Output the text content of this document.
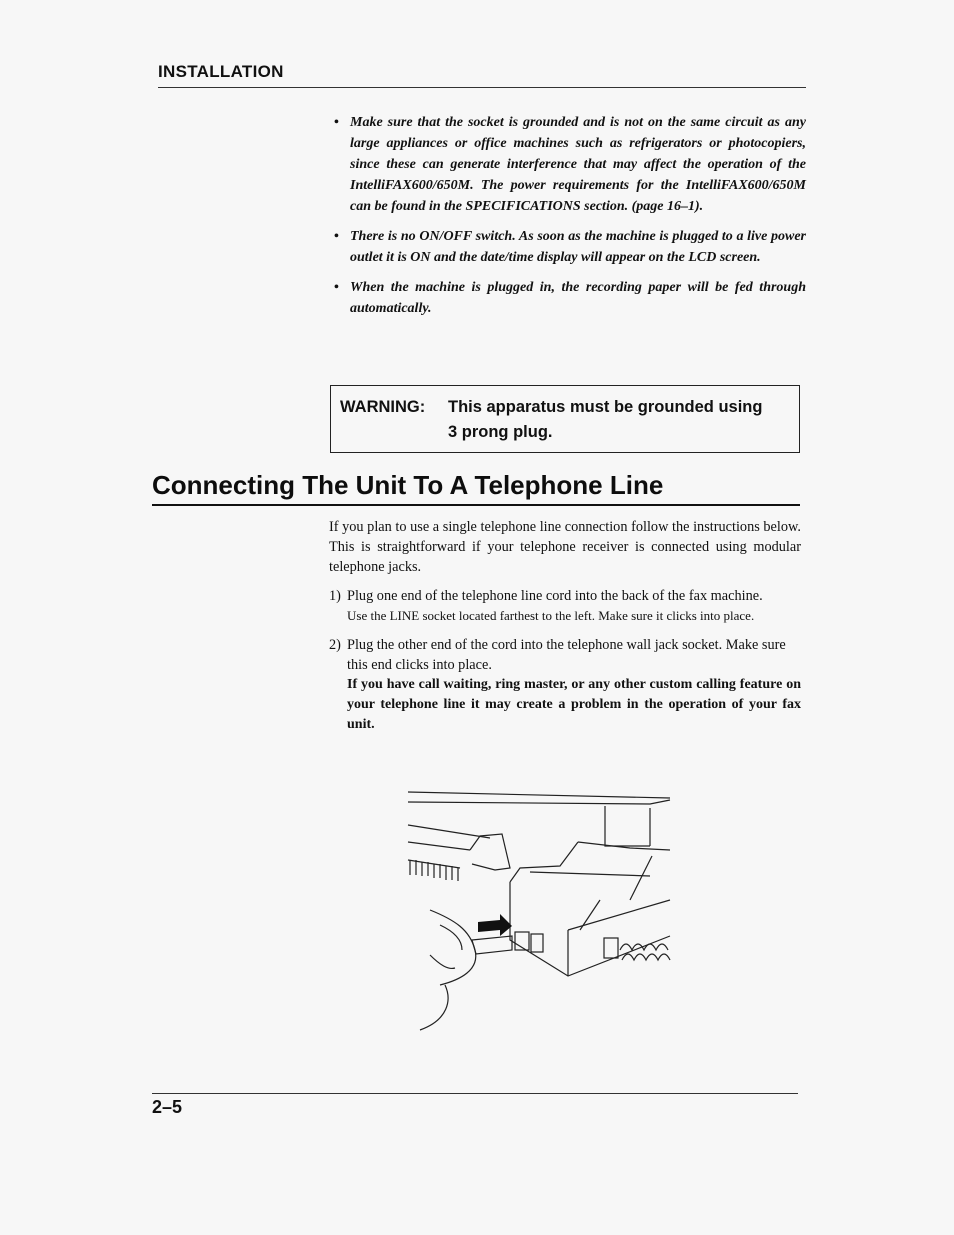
INSTALLATION
• Make sure that the socket is grounded and is not on the same circuit as any large appliances or office machines such as refrigerators or photocopiers, since these can generate interference that may affect the operation of the IntelliFAX600/650M. The power requirements for the IntelliFAX600/650M can be found in the SPECIFICATIONS section. (page 16–1).
• There is no ON/OFF switch. As soon as the machine is plugged to a live power outlet it is ON and the date/time display will appear on the LCD screen.
• When the machine is plugged in, the recording paper will be fed through automatically.
WARNING: This apparatus must be grounded using
3 prong plug.
Connecting The Unit To A Telephone Line

If you plan to use a single telephone line connection follow the instructions below. This is straightforward if your telephone receiver is connected using modular telephone jacks.

1) Plug one end of the telephone line cord into the back of the fax machine.

Use the LINE socket located farthest to the left. Make sure it clicks into place.

2) Plug the other end of the cord into the telephone wall jack socket. Make sure this end clicks into place.

If you have call waiting, ring master, or any other custom calling feature on your telephone line it may create a problem in the operation of your fax unit.

2–5
